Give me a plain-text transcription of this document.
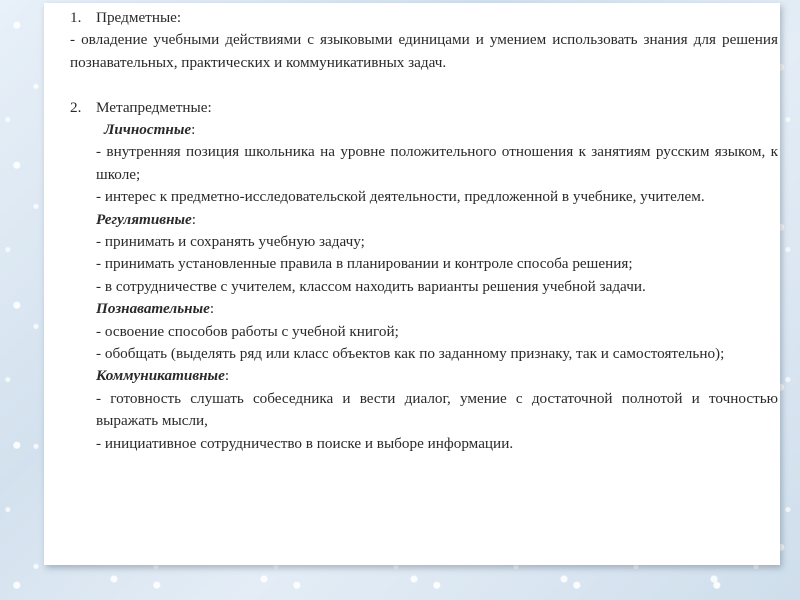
1. Предметные:

- овладение учебными действиями с языковыми единицами и умением использовать знания для решения познавательных, практических и коммуникативных задач.

2. Метапредметные:
Личностные:

- внутренняя позиция школьника на уровне положительного отношения к занятиям русским языком, к школе;

- интерес к предметно-исследовательской деятельности, предложенной в учебнике, учителем.

Регулятивные:

- принимать и сохранять учебную задачу;

- принимать установленные правила в планировании и контроле способа решения;

- в сотрудничестве с учителем, классом находить варианты решения учебной задачи.

Познавательные:

- освоение способов работы с учебной книгой;

- обобщать (выделять ряд или класс объектов как по заданному признаку, так и самостоятельно);

Коммуникативные:

- готовность слушать собеседника и вести диалог, умение с достаточной полнотой и точностью выражать мысли,

- инициативное сотрудничество в поиске и выборе информации.
